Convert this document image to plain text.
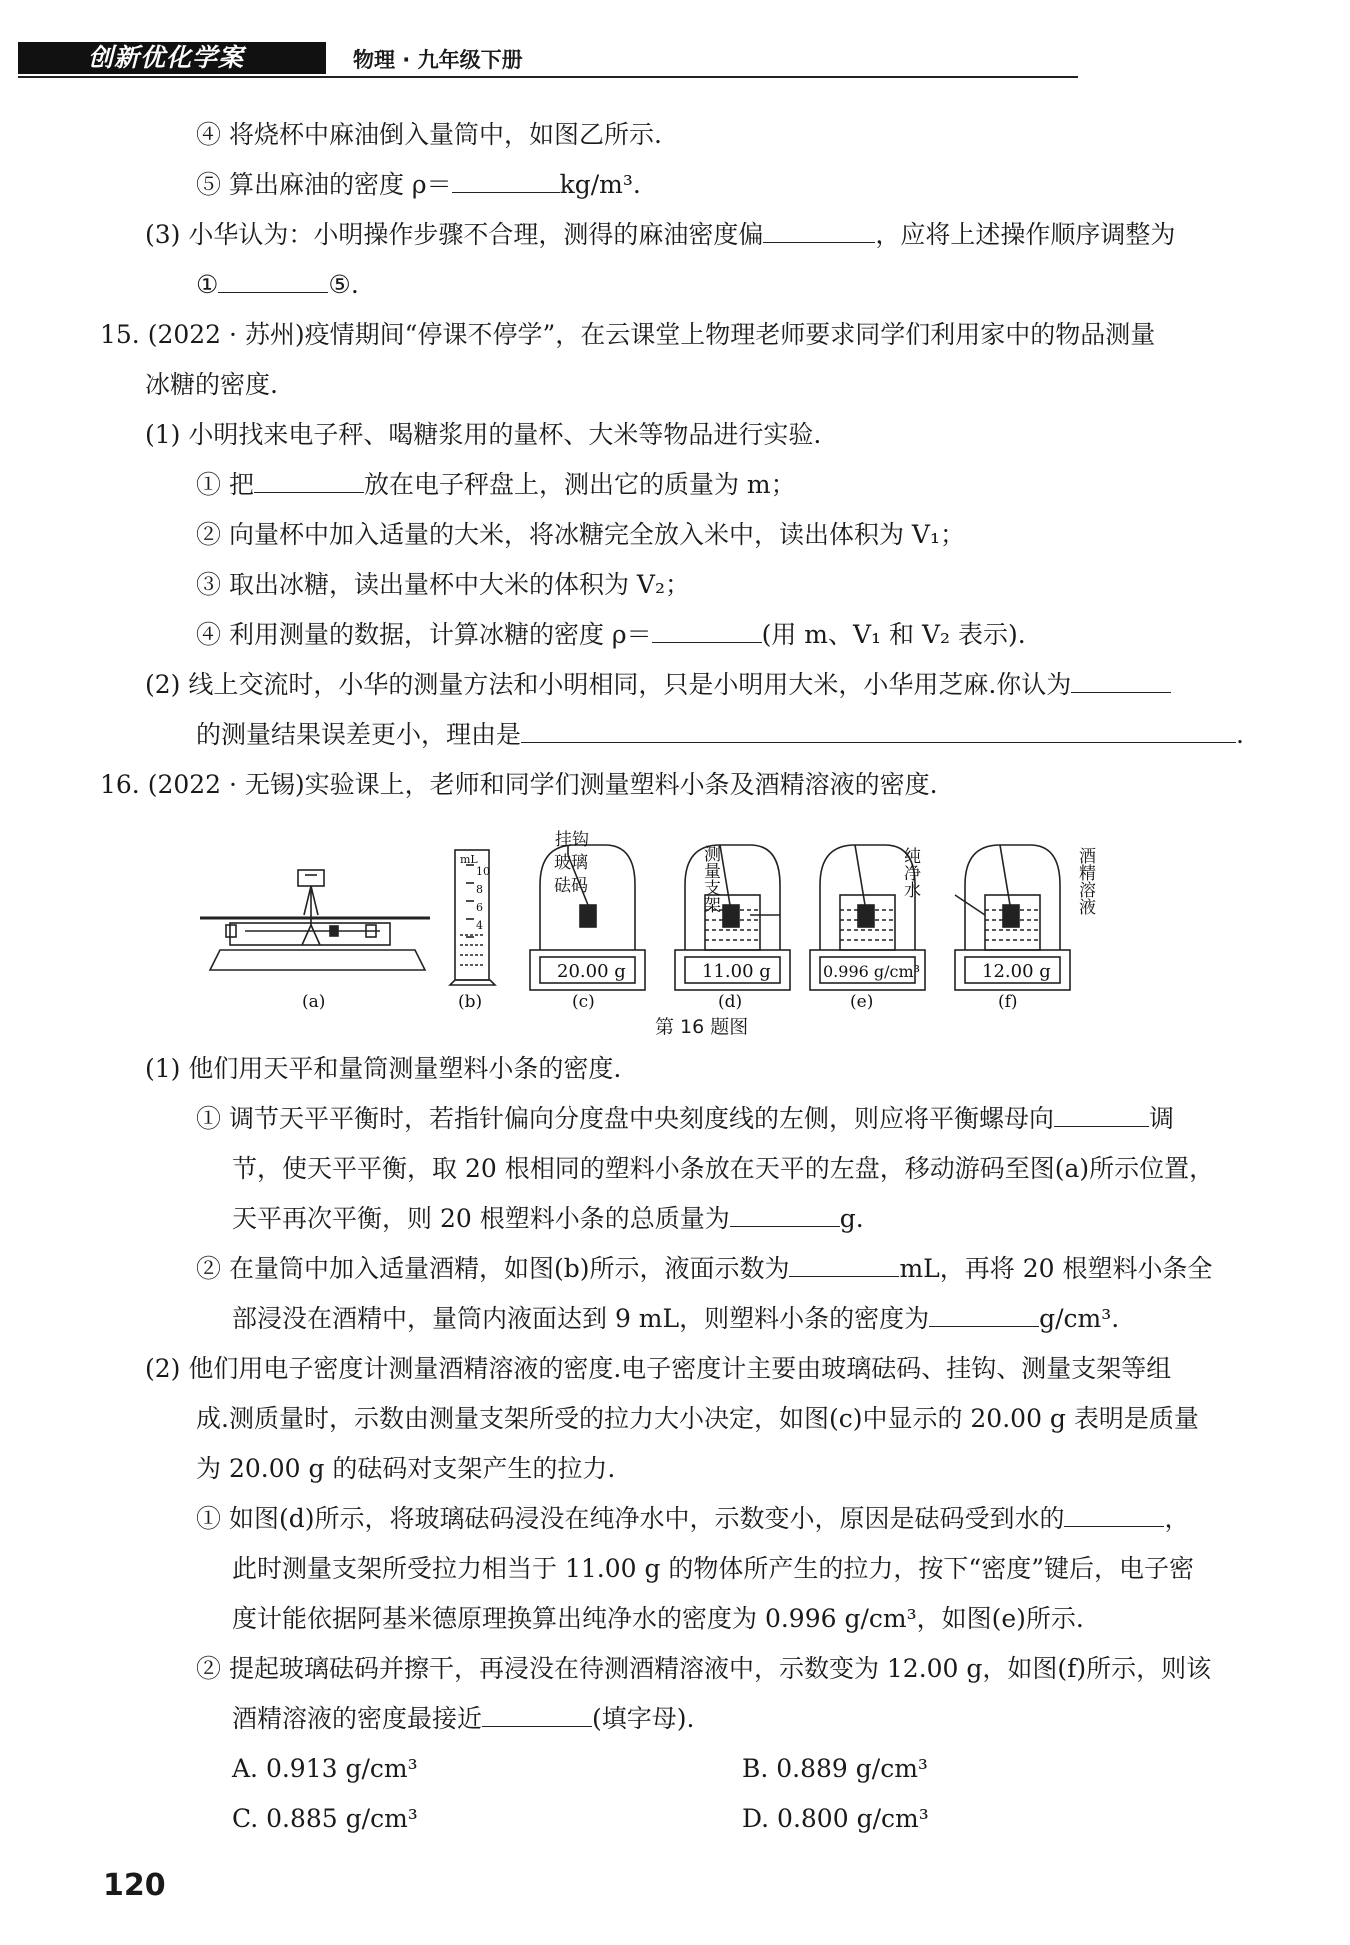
创新优化学案	物理 · 九年级下册
④ 将烧杯中麻油倒入量筒中，如图乙所示.
⑤ 算出麻油的密度 ρ＝	kg/m³.
(3) 小华认为：小明操作步骤不合理，测得的麻油密度偏	，应将上述操作顺序调整为
①	⑤.
15. (2022 · 苏州)疫情期间“停课不停学”，在云课堂上物理老师要求同学们利用家中的物品测量
冰糖的密度.
(1) 小明找来电子秤、喝糖浆用的量杯、大米等物品进行实验.
① 把	放在电子秤盘上，测出它的质量为 m；
② 向量杯中加入适量的大米，将冰糖完全放入米中，读出体积为 V₁；
③ 取出冰糖，读出量杯中大米的体积为 V₂；
④ 利用测量的数据，计算冰糖的密度 ρ＝	(用 m、V₁ 和 V₂ 表示).
(2) 线上交流时，小华的测量方法和小明相同，只是小明用大米，小华用芝麻.你认为
的测量结果误差更小，理由是	.
16. (2022 · 无锡)实验课上，老师和同学们测量塑料小条及酒精溶液的密度.
mL
10
8
6
4
挂钩
玻璃
砝码	测量支架	纯净水	酒精溶液
20.00 g	11.00 g	0.996 g/cm³	12.00 g
(a)	(b)	(c)	(d)	(e)	(f)
第 16 题图
(1) 他们用天平和量筒测量塑料小条的密度.
① 调节天平平衡时，若指针偏向分度盘中央刻度线的左侧，则应将平衡螺母向	调
节，使天平平衡，取 20 根相同的塑料小条放在天平的左盘，移动游码至图(a)所示位置，
天平再次平衡，则 20 根塑料小条的总质量为	g.
② 在量筒中加入适量酒精，如图(b)所示，液面示数为	mL，再将 20 根塑料小条全
部浸没在酒精中，量筒内液面达到 9 mL，则塑料小条的密度为	g/cm³.
(2) 他们用电子密度计测量酒精溶液的密度.电子密度计主要由玻璃砝码、挂钩、测量支架等组
成.测质量时，示数由测量支架所受的拉力大小决定，如图(c)中显示的 20.00 g 表明是质量
为 20.00 g 的砝码对支架产生的拉力.
① 如图(d)所示，将玻璃砝码浸没在纯净水中，示数变小，原因是砝码受到水的	，
此时测量支架所受拉力相当于 11.00 g 的物体所产生的拉力，按下“密度”键后，电子密
度计能依据阿基米德原理换算出纯净水的密度为 0.996 g/cm³，如图(e)所示.
② 提起玻璃砝码并擦干，再浸没在待测酒精溶液中，示数变为 12.00 g，如图(f)所示，则该
酒精溶液的密度最接近	(填字母).
A. 0.913 g/cm³	B. 0.889 g/cm³
C. 0.885 g/cm³	D. 0.800 g/cm³
120
